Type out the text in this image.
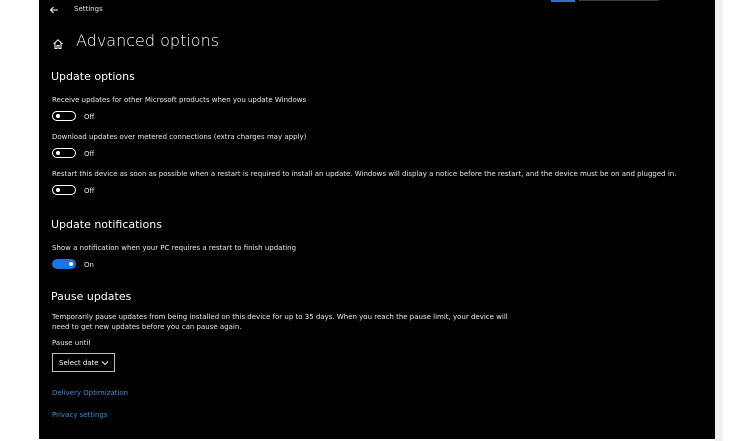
Settings
Advanced options
Update options
Receive updates for other Microsoft products when you update Windows
Off
Download updates over metered connections (extra charges may apply)
Off
Restart this device as soon as possible when a restart is required to install an update. Windows will display a notice before the restart, and the device must be on and plugged in.
Off
Update notifications
Show a notification when your PC requires a restart to finish updating
On
Pause updates
Temporarily pause updates from being installed on this device for up to 35 days. When you reach the pause limit, your device will need to get new updates before you can pause again.
Pause until
Select date
Delivery Optimization
Privacy settings
